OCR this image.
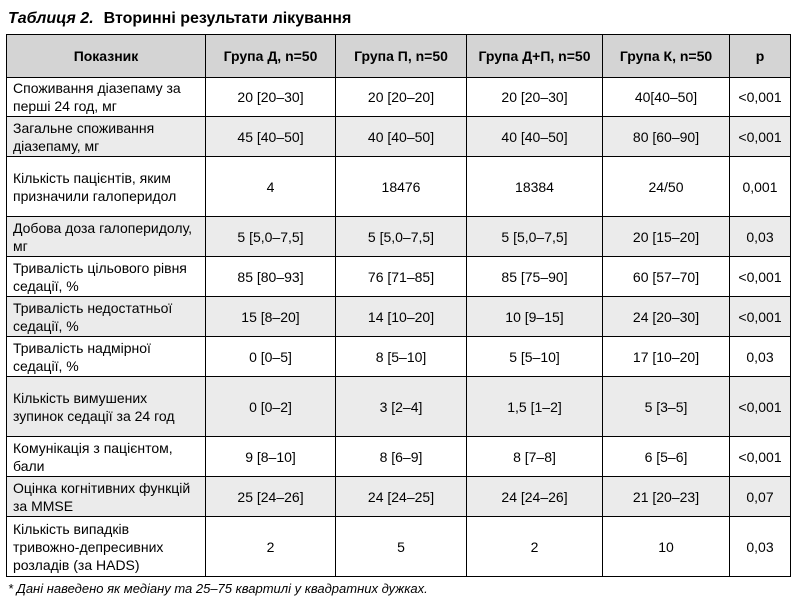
Таблиця 2. Вторинні результати лікування
Показник	Група Д, n=50	Група П, n=50	Група Д+П, n=50	Група К, n=50	р
Споживання діазепаму за перші 24 год, мг	20 [20–30]	20 [20–20]	20 [20–30]	40[40–50]	<0,001
Загальне споживання діазепаму, мг	45 [40–50]	40 [40–50]	40 [40–50]	80 [60–90]	<0,001
Кількість пацієнтів, яким призначили галоперидол	4	18476	18384	24/50	0,001
Добова доза галоперидолу, мг	5 [5,0–7,5]	5 [5,0–7,5]	5 [5,0–7,5]	20 [15–20]	0,03
Тривалість цільового рівня седації, %	85 [80–93]	76 [71–85]	85 [75–90]	60 [57–70]	<0,001
Тривалість недостатньої седації, %	15 [8–20]	14 [10–20]	10 [9–15]	24 [20–30]	<0,001
Тривалість надмірної седації, %	0 [0–5]	8 [5–10]	5 [5–10]	17 [10–20]	0,03
Кількість вимушених зупинок седації за 24 год	0 [0–2]	3 [2–4]	1,5 [1–2]	5 [3–5]	<0,001
Комунікація з пацієнтом, бали	9 [8–10]	8 [6–9]	8 [7–8]	6 [5–6]	<0,001
Оцінка когнітивних функцій за MMSE	25 [24–26]	24 [24–25]	24 [24–26]	21 [20–23]	0,07
Кількість випадків тривожно-депресивних розладів (за HADS)	2	5	2	10	0,03
* Дані наведено як медіану та 25–75 квартилі у квадратних дужках.
